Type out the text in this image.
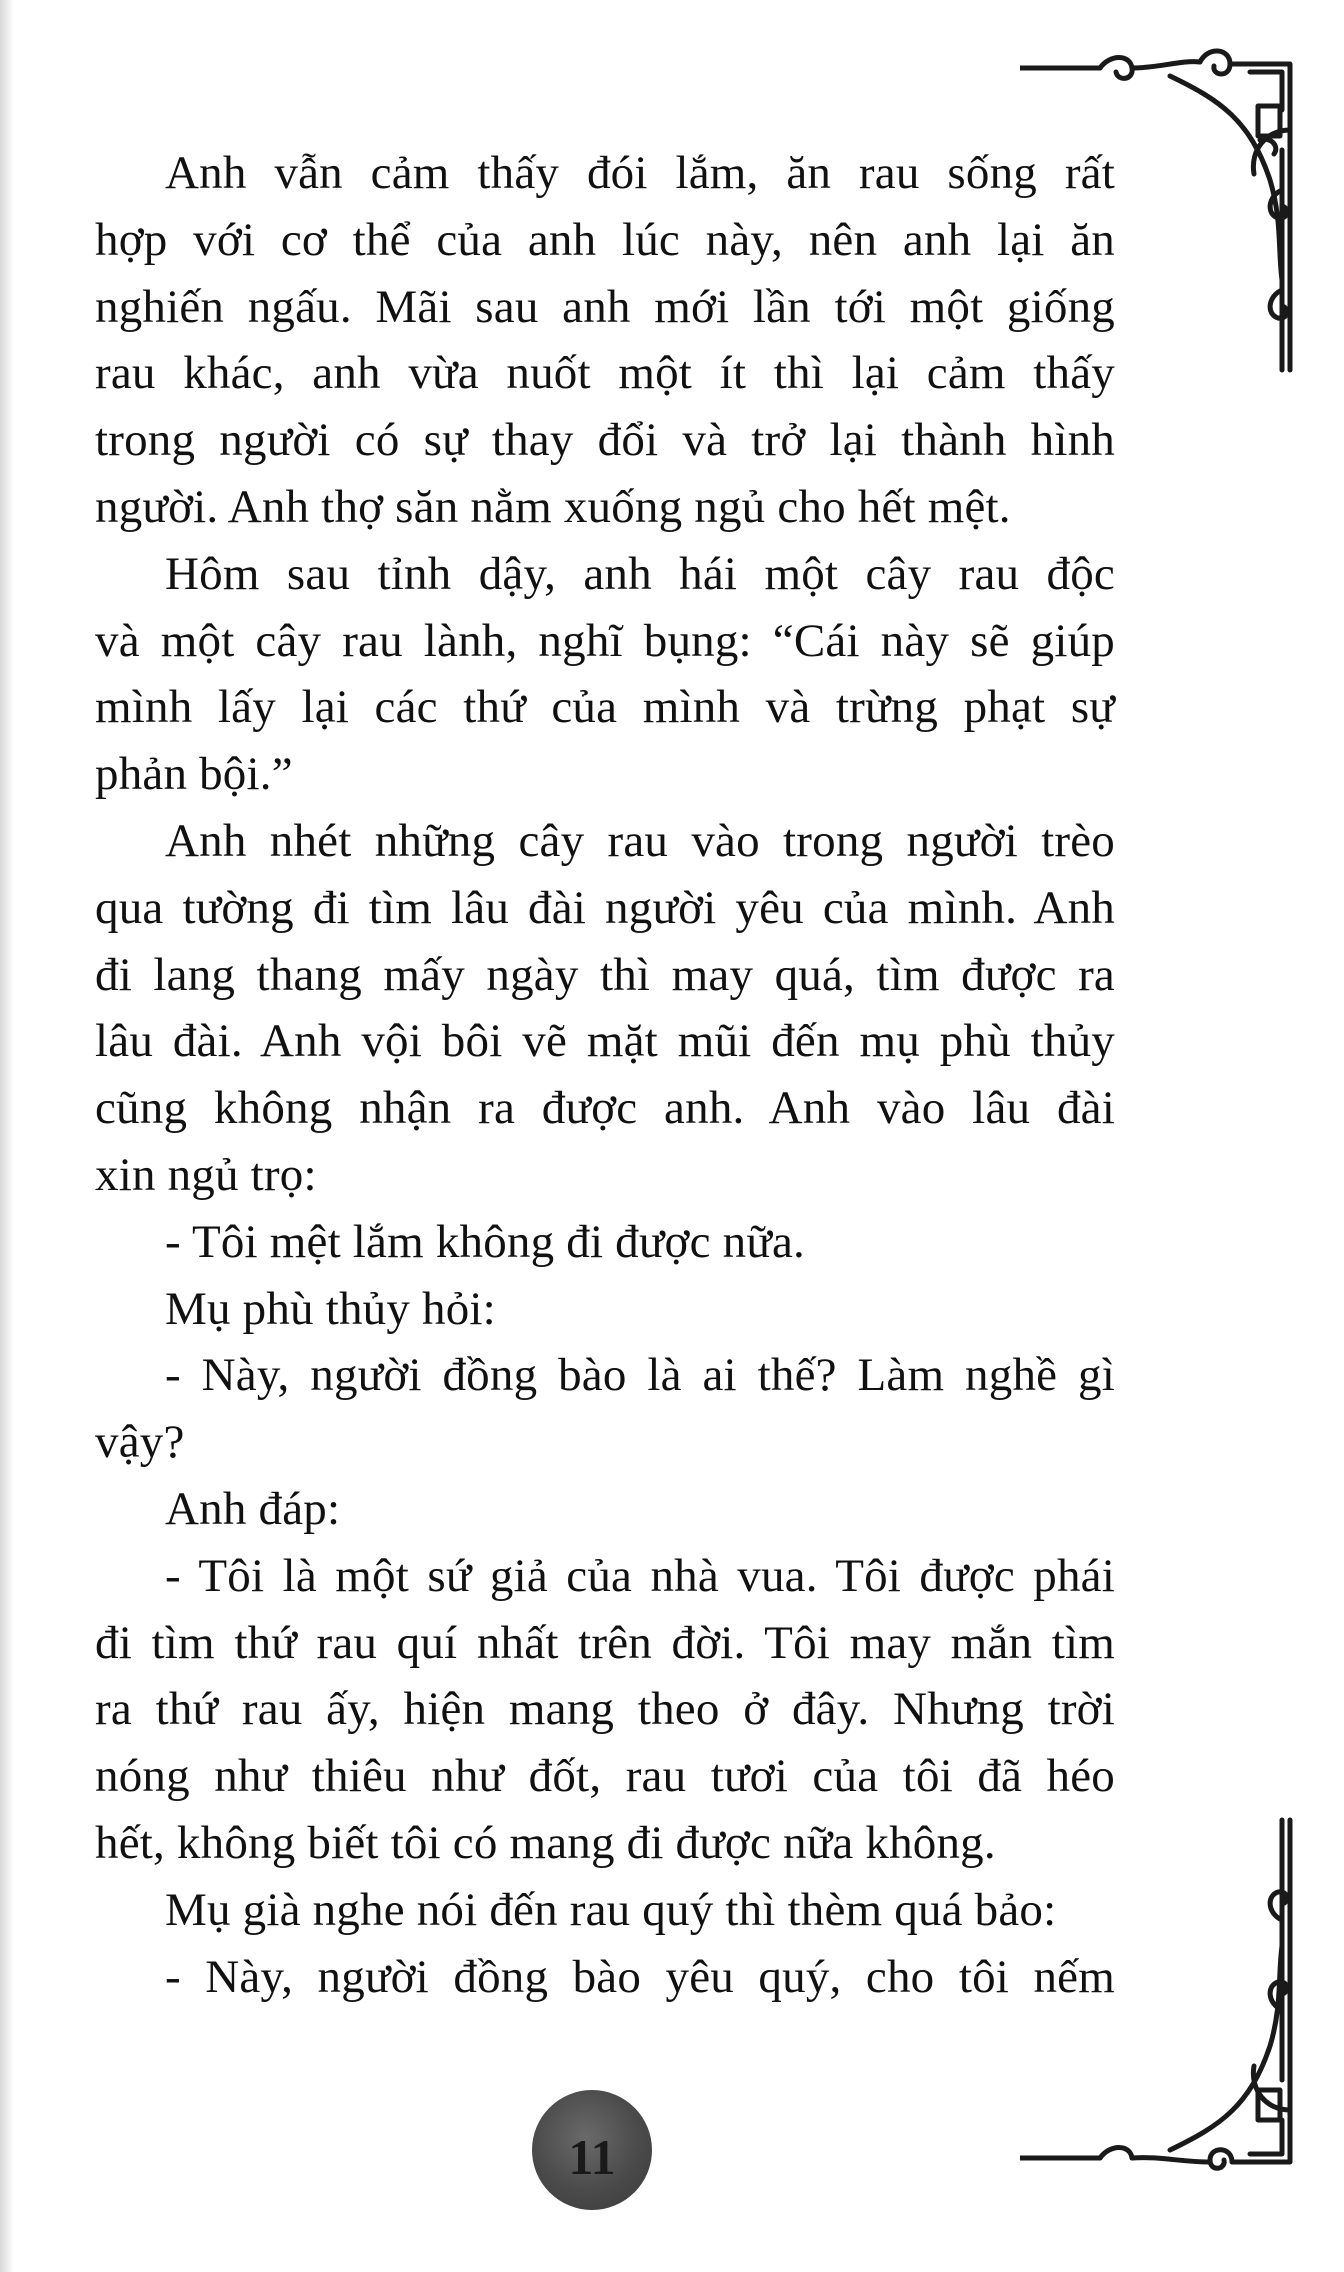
Anh vẫn cảm thấy đói lắm, ăn rau sống rất
hợp với cơ thể của anh lúc này, nên anh lại ăn
nghiến ngấu. Mãi sau anh mới lần tới một giống
rau khác, anh vừa nuốt một ít thì lại cảm thấy
trong người có sự thay đổi và trở lại thành hình
người. Anh thợ săn nằm xuống ngủ cho hết mệt.
Hôm sau tỉnh dậy, anh hái một cây rau độc
và một cây rau lành, nghĩ bụng: “Cái này sẽ giúp
mình lấy lại các thứ của mình và trừng phạt sự
phản bội.”
Anh nhét những cây rau vào trong người trèo
qua tường đi tìm lâu đài người yêu của mình. Anh
đi lang thang mấy ngày thì may quá, tìm được ra
lâu đài. Anh vội bôi vẽ mặt mũi đến mụ phù thủy
cũng không nhận ra được anh. Anh vào lâu đài
xin ngủ trọ:
- Tôi mệt lắm không đi được nữa.
Mụ phù thủy hỏi:
- Này, người đồng bào là ai thế? Làm nghề gì
vậy?
Anh đáp:
- Tôi là một sứ giả của nhà vua. Tôi được phái
đi tìm thứ rau quí nhất trên đời. Tôi may mắn tìm
ra thứ rau ấy, hiện mang theo ở đây. Nhưng trời
nóng như thiêu như đốt, rau tươi của tôi đã héo
hết, không biết tôi có mang đi được nữa không.
Mụ già nghe nói đến rau quý thì thèm quá bảo:
- Này, người đồng bào yêu quý, cho tôi nếm
11
